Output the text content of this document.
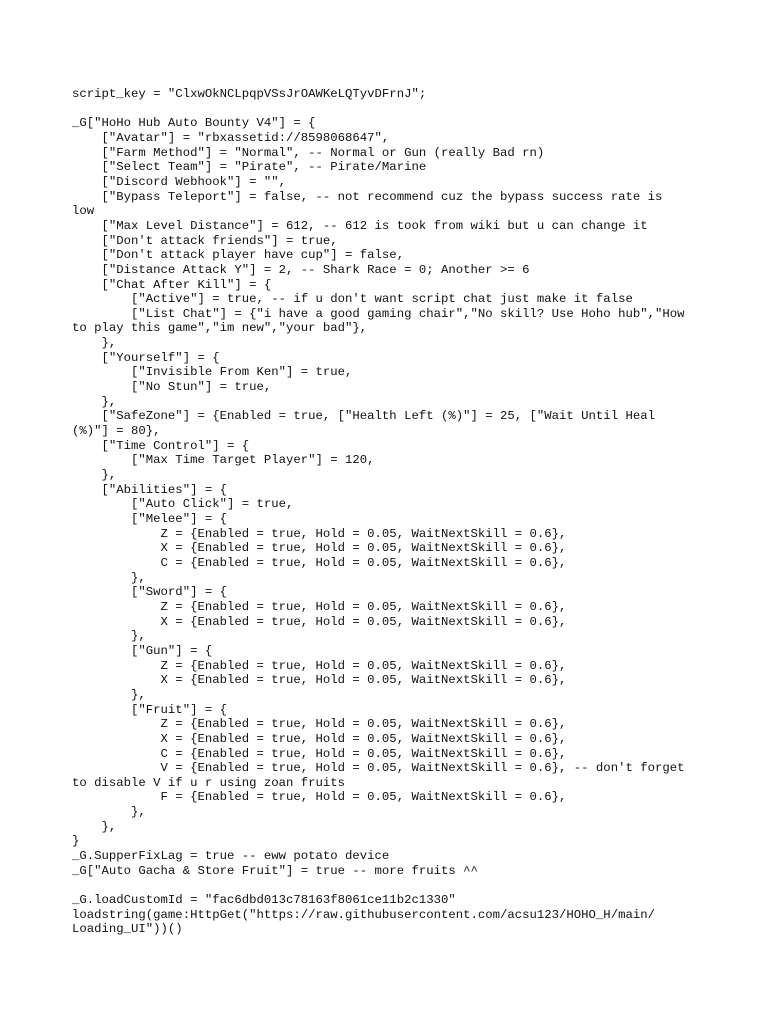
script_key = "ClxwOkNCLpqpVSsJrOAWKeLQTyvDFrnJ";
_G["HoHo Hub Auto Bounty V4"] = {
["Avatar"] = "rbxassetid://8598068647",
["Farm Method"] = "Normal", -- Normal or Gun (really Bad rn)
["Select Team"] = "Pirate", -- Pirate/Marine
["Discord Webhook"] = "",
["Bypass Teleport"] = false, -- not recommend cuz the bypass success rate is
low
["Max Level Distance"] = 612, -- 612 is took from wiki but u can change it
["Don't attack friends"] = true,
["Don't attack player have cup"] = false,
["Distance Attack Y"] = 2, -- Shark Race = 0; Another >= 6
["Chat After Kill"] = {
["Active"] = true, -- if u don't want script chat just make it false
["List Chat"] = {"i have a good gaming chair","No skill? Use Hoho hub","How
to play this game","im new","your bad"},
},
["Yourself"] = {
["Invisible From Ken"] = true,
["No Stun"] = true,
},
["SafeZone"] = {Enabled = true, ["Health Left (%)"] = 25, ["Wait Until Heal
(%)"] = 80},
["Time Control"] = {
["Max Time Target Player"] = 120,
},
["Abilities"] = {
["Auto Click"] = true,
["Melee"] = {
Z = {Enabled = true, Hold = 0.05, WaitNextSkill = 0.6},
X = {Enabled = true, Hold = 0.05, WaitNextSkill = 0.6},
C = {Enabled = true, Hold = 0.05, WaitNextSkill = 0.6},
},
["Sword"] = {
Z = {Enabled = true, Hold = 0.05, WaitNextSkill = 0.6},
X = {Enabled = true, Hold = 0.05, WaitNextSkill = 0.6},
},
["Gun"] = {
Z = {Enabled = true, Hold = 0.05, WaitNextSkill = 0.6},
X = {Enabled = true, Hold = 0.05, WaitNextSkill = 0.6},
},
["Fruit"] = {
Z = {Enabled = true, Hold = 0.05, WaitNextSkill = 0.6},
X = {Enabled = true, Hold = 0.05, WaitNextSkill = 0.6},
C = {Enabled = true, Hold = 0.05, WaitNextSkill = 0.6},
V = {Enabled = true, Hold = 0.05, WaitNextSkill = 0.6}, -- don't forget
to disable V if u r using zoan fruits
F = {Enabled = true, Hold = 0.05, WaitNextSkill = 0.6},
},
},
}
_G.SupperFixLag = true -- eww potato device
_G["Auto Gacha & Store Fruit"] = true -- more fruits ^^
_G.loadCustomId = "fac6dbd013c78163f8061ce11b2c1330"
loadstring(game:HttpGet("https://raw.githubusercontent.com/acsu123/HOHO_H/main/
Loading_UI"))()
